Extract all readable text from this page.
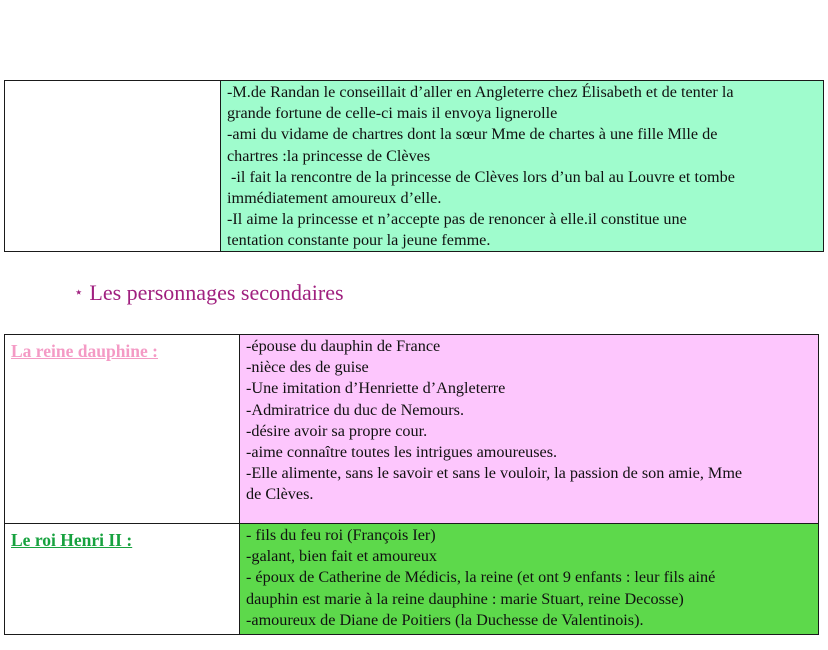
-M.de Randan le conseillait d’aller en Angleterre chez Élisabeth et de tenter la
grande fortune de celle-ci mais il envoya lignerolle
-ami du vidame de chartres dont la sœur Mme de chartes à une fille Mlle de
chartres :la princesse de Clèves
-il fait la rencontre de la princesse de Clèves lors d’un bal au Louvre et tombe
immédiatement amoureux d’elle.
-Il aime la princesse et n’accepte pas de renoncer à elle.il constitue une
tentation constante pour la jeune femme.
⋆ Les personnages secondaires
La reine dauphine :	-épouse du dauphin de France
-nièce des de guise
-Une imitation d’Henriette d’Angleterre
-Admiratrice du duc de Nemours.
-désire avoir sa propre cour.
-aime connaître toutes les intrigues amoureuses.
-Elle alimente, sans le savoir et sans le vouloir, la passion de son amie, Mme
de Clèves.
Le roi Henri II :	- fils du feu roi (François Ier)
-galant, bien fait et amoureux
- époux de Catherine de Médicis, la reine (et ont 9 enfants : leur fils ainé
dauphin est marie à la reine dauphine : marie Stuart, reine Decosse)
-amoureux de Diane de Poitiers (la Duchesse de Valentinois).
